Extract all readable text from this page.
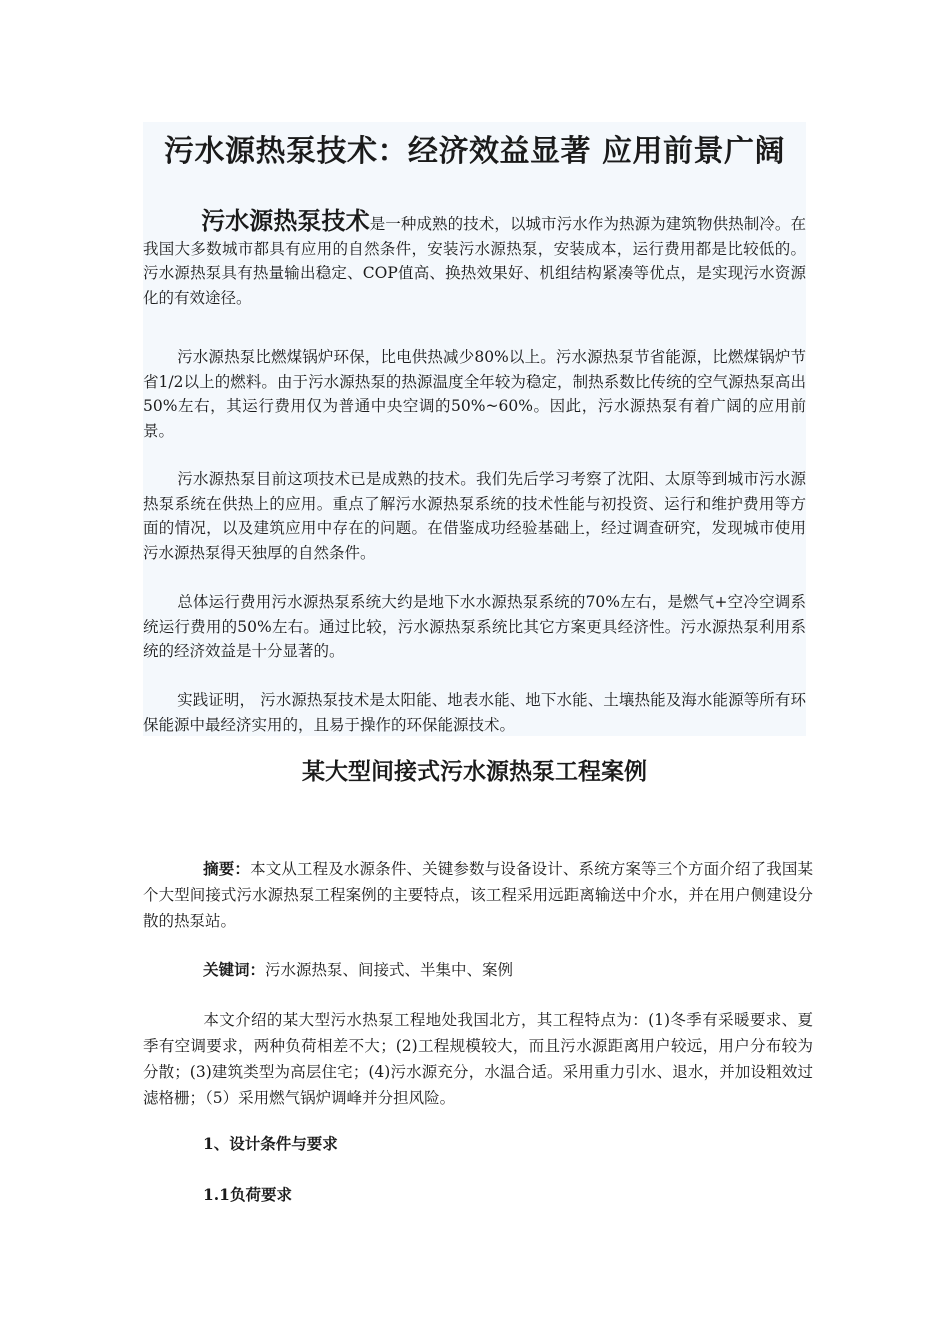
污水源热泵技术：经济效益显著 应用前景广阔

污水源热泵技术是一种成熟的技术，以城市污水作为热源为建筑物供热制冷。在我国大多数城市都具有应用的自然条件，安装污水源热泵，安装成本，运行费用都是比较低的。污水源热泵具有热量输出稳定、COP值高、换热效果好、机组结构紧凑等优点，是实现污水资源化的有效途径。

污水源热泵比燃煤锅炉环保，比电供热减少80%以上。污水源热泵节省能源，比燃煤锅炉节省1/2以上的燃料。由于污水源热泵的热源温度全年较为稳定，制热系数比传统的空气源热泵高出50%左右，其运行费用仅为普通中央空调的50%~60%。因此，污水源热泵有着广阔的应用前景。

污水源热泵目前这项技术已是成熟的技术。我们先后学习考察了沈阳、太原等到城市污水源热泵系统在供热上的应用。重点了解污水源热泵系统的技术性能与初投资、运行和维护费用等方面的情况，以及建筑应用中存在的问题。在借鉴成功经验基础上，经过调查研究，发现城市使用污水源热泵得天独厚的自然条件。

总体运行费用污水源热泵系统大约是地下水水源热泵系统的70%左右，是燃气+空冷空调系统运行费用的50%左右。通过比较，污水源热泵系统比其它方案更具经济性。污水源热泵利用系统的经济效益是十分显著的。

实践证明， 污水源热泵技术是太阳能、地表水能、地下水能、土壤热能及海水能源等所有环保能源中最经济实用的，且易于操作的环保能源技术。

某大型间接式污水源热泵工程案例

摘要：本文从工程及水源条件、关键参数与设备设计、系统方案等三个方面介绍了我国某个大型间接式污水源热泵工程案例的主要特点，该工程采用远距离输送中介水，并在用户侧建设分散的热泵站。

关键词：污水源热泵、间接式、半集中、案例

本文介绍的某大型污水热泵工程地处我国北方，其工程特点为：(1)冬季有采暖要求、夏季有空调要求，两种负荷相差不大；(2)工程规模较大，而且污水源距离用户较远，用户分布较为分散；(3)建筑类型为高层住宅；(4)污水源充分，水温合适。采用重力引水、退水，并加设粗效过滤格栅；（5）采用燃气锅炉调峰并分担风险。

1、设计条件与要求

1.1负荷要求
